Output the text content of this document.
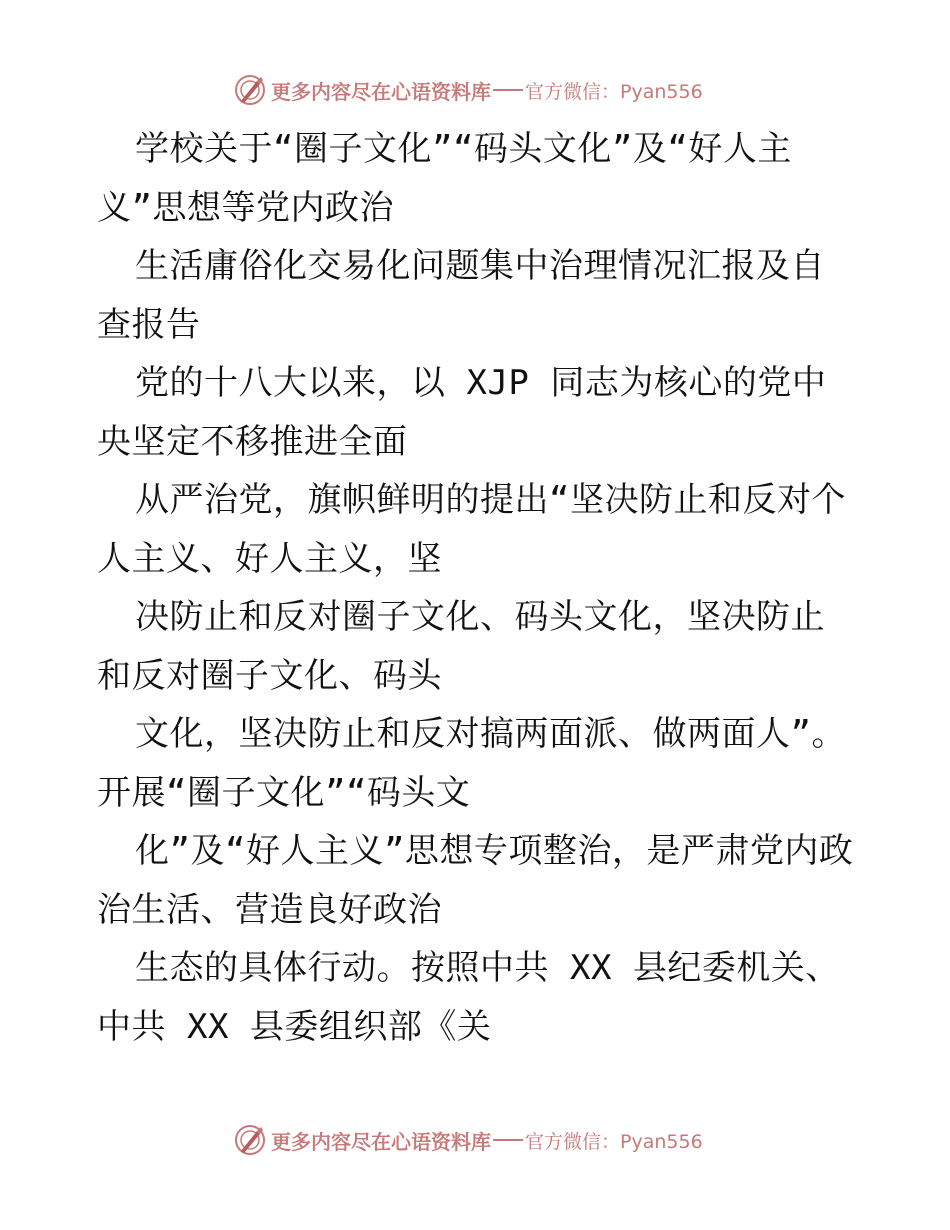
更多内容尽在心语资料库 官方微信：Pyan556

学校关于“圈子文化”“码头文化”及“好人主义”思想等党内政治

生活庸俗化交易化问题集中治理情况汇报及自查报告

党的十八大以来，以 XJP 同志为核心的党中央坚定不移推进全面

从严治党，旗帜鲜明的提出“坚决防止和反对个人主义、好人主义，坚

决防止和反对圈子文化、码头文化，坚决防止和反对圈子文化、码头

文化，坚决防止和反对搞两面派、做两面人”。开展“圈子文化”“码头文

化”及“好人主义”思想专项整治，是严肃党内政治生活、营造良好政治

生态的具体行动。按照中共 XX 县纪委机关、中共 XX 县委组织部《关

更多内容尽在心语资料库 官方微信：Pyan556
